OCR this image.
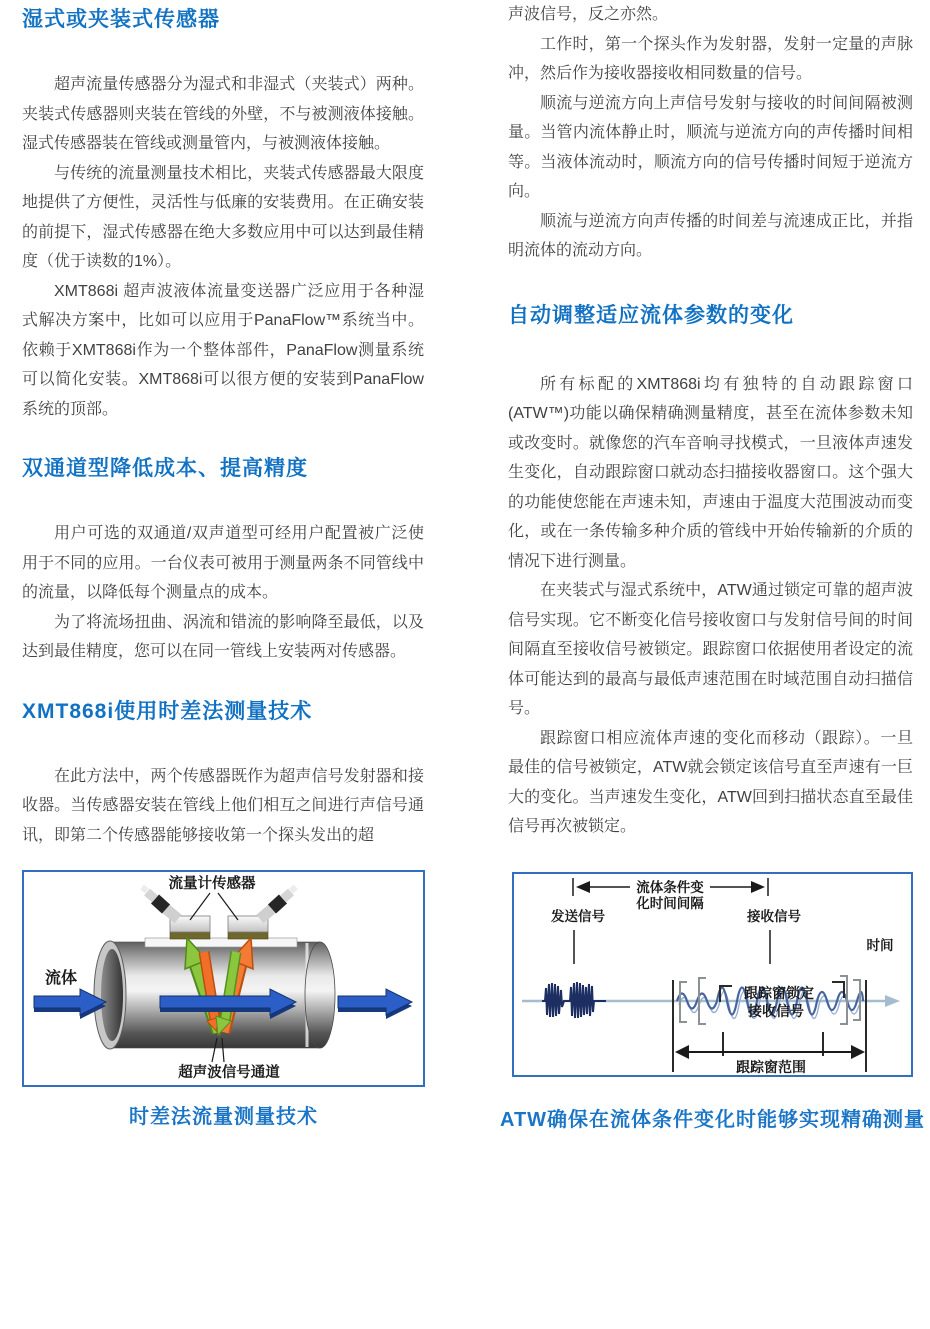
湿式或夹装式传感器

超声流量传感器分为湿式和非湿式（夹装式）两种。夹装式传感器则夹装在管线的外壁，不与被测液体接触。湿式传感器装在管线或测量管内，与被测液体接触。

与传统的流量测量技术相比，夹装式传感器最大限度地提供了方便性，灵活性与低廉的安装费用。在正确安装的前提下，湿式传感器在绝大多数应用中可以达到最佳精度（优于读数的1%）。

XMT868i 超声波液体流量变送器广泛应用于各种湿式解决方案中，比如可以应用于PanaFlow™系统当中。依赖于XMT868i作为一个整体部件，PanaFlow测量系统可以简化安装。XMT868i可以很方便的安装到PanaFlow系统的顶部。

双通道型降低成本、提高精度

用户可选的双通道/双声道型可经用户配置被广泛使用于不同的应用。一台仪表可被用于测量两条不同管线中的流量，以降低每个测量点的成本。

为了将流场扭曲、涡流和错流的影响降至最低，以及达到最佳精度，您可以在同一管线上安装两对传感器。

XMT868i使用时差法测量技术

在此方法中，两个传感器既作为超声信号发射器和接收器。当传感器安装在管线上他们相互之间进行声信号通讯，即第二个传感器能够接收第一个探头发出的超

声波信号，反之亦然。

工作时，第一个探头作为发射器，发射一定量的声脉冲，然后作为接收器接收相同数量的信号。

顺流与逆流方向上声信号发射与接收的时间间隔被测量。当管内流体静止时，顺流与逆流方向的声传播时间相等。当液体流动时，顺流方向的信号传播时间短于逆流方向。

顺流与逆流方向声传播的时间差与流速成正比，并指明流体的流动方向。

自动调整适应流体参数的变化

所有标配的XMT868i均有独特的自动跟踪窗口(ATW™)功能以确保精确测量精度，甚至在流体参数未知或改变时。就像您的汽车音响寻找模式，一旦液体声速发生变化，自动跟踪窗口就动态扫描接收器窗口。这个强大的功能使您能在声速未知，声速由于温度大范围波动而变化，或在一条传输多种介质的管线中开始传输新的介质的情况下进行测量。

在夹装式与湿式系统中，ATW通过锁定可靠的超声波信号实现。它不断变化信号接收窗口与发射信号间的时间间隔直至接收信号被锁定。跟踪窗口依据使用者设定的流体可能达到的最高与最低声速范围在时域范围自动扫描信号。

跟踪窗口相应流体声速的变化而移动（跟踪）。一旦最佳的信号被锁定，ATW就会锁定该信号直至声速有一巨大的变化。当声速发生变化，ATW回到扫描状态直至最佳信号再次被锁定。

流量计传感器
流体
超声波信号通道
时差法流量测量技术
流体条件变
化时间间隔
发送信号	接收信号
时间
跟踪窗锁定
接收信号
跟踪窗范围
ATW确保在流体条件变化时能够实现精确测量
